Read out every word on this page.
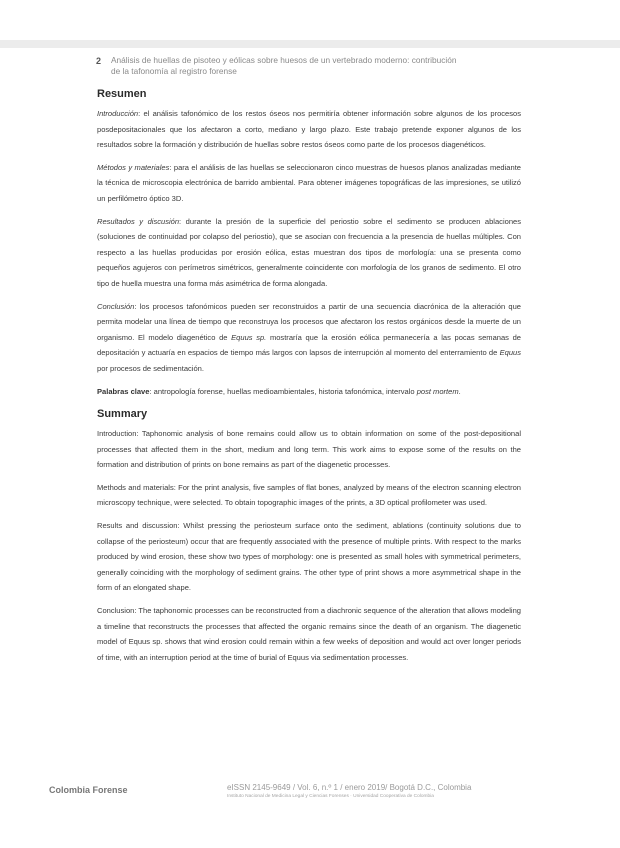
2 Análisis de huellas de pisoteo y eólicas sobre huesos de un vertebrado moderno: contribución
de la tafonomía al registro forense
Resumen

Introducción: el análisis tafonómico de los restos óseos nos permitiría obtener información sobre algunos de los procesos posdepositacionales que los afectaron a corto, mediano y largo plazo. Este trabajo pretende exponer algunos de los resultados sobre la formación y distribución de huellas sobre restos óseos como parte de los procesos diagenéticos.

Métodos y materiales: para el análisis de las huellas se seleccionaron cinco muestras de huesos planos analizadas mediante la técnica de microscopia electrónica de barrido ambiental. Para obtener imágenes topográficas de las impresiones, se utilizó un perfilómetro óptico 3D.

Resultados y discusión: durante la presión de la superficie del periostio sobre el sedimento se producen ablaciones (soluciones de continuidad por colapso del periostio), que se asocian con frecuencia a la presencia de huellas múltiples. Con respecto a las huellas producidas por erosión eólica, estas muestran dos tipos de morfología: una se presenta como pequeños agujeros con perímetros simétricos, generalmente coincidente con morfología de los granos de sedimento. El otro tipo de huella muestra una forma más asimétrica de forma alongada.

Conclusión: los procesos tafonómicos pueden ser reconstruidos a partir de una secuencia diacrónica de la alteración que permita modelar una línea de tiempo que reconstruya los procesos que afectaron los restos orgánicos desde la muerte de un organismo. El modelo diagenético de Equus sp. mostraría que la erosión eólica permanecería a las pocas semanas de depositación y actuaría en espacios de tiempo más largos con lapsos de interrupción al momento del enterramiento de Equus por procesos de sedimentación.

Palabras clave: antropología forense, huellas medioambientales, historia tafonómica, intervalo post mortem.

Summary

Introduction: Taphonomic analysis of bone remains could allow us to obtain information on some of the post-depositional processes that affected them in the short, medium and long term. This work aims to expose some of the results on the formation and distribution of prints on bone remains as part of the diagenetic processes.

Methods and materials: For the print analysis, five samples of flat bones, analyzed by means of the electron scanning electron microscopy technique, were selected. To obtain topographic images of the prints, a 3D optical profilometer was used.

Results and discussion: Whilst pressing the periosteum surface onto the sediment, ablations (continuity solutions due to collapse of the periosteum) occur that are frequently associated with the presence of multiple prints. With respect to the marks produced by wind erosion, these show two types of morphology: one is presented as small holes with symmetrical perimeters, generally coinciding with the morphology of sediment grains. The other type of print shows a more asymmetrical shape in the form of an elongated shape.

Conclusion: The taphonomic processes can be reconstructed from a diachronic sequence of the alteration that allows modeling a timeline that reconstructs the processes that affected the organic remains since the death of an organism. The diagenetic model of Equus sp. shows that wind erosion could remain within a few weeks of deposition and would act over longer periods of time, with an interruption period at the time of burial of Equus via sedimentation processes.

Colombia Forense	eISSN 2145-9649 / Vol. 6, n.º 1 / enero 2019/ Bogotá D.C., Colombia
Instituto Nacional de Medicina Legal y Ciencias Forenses · Universidad Cooperativa de Colombia
